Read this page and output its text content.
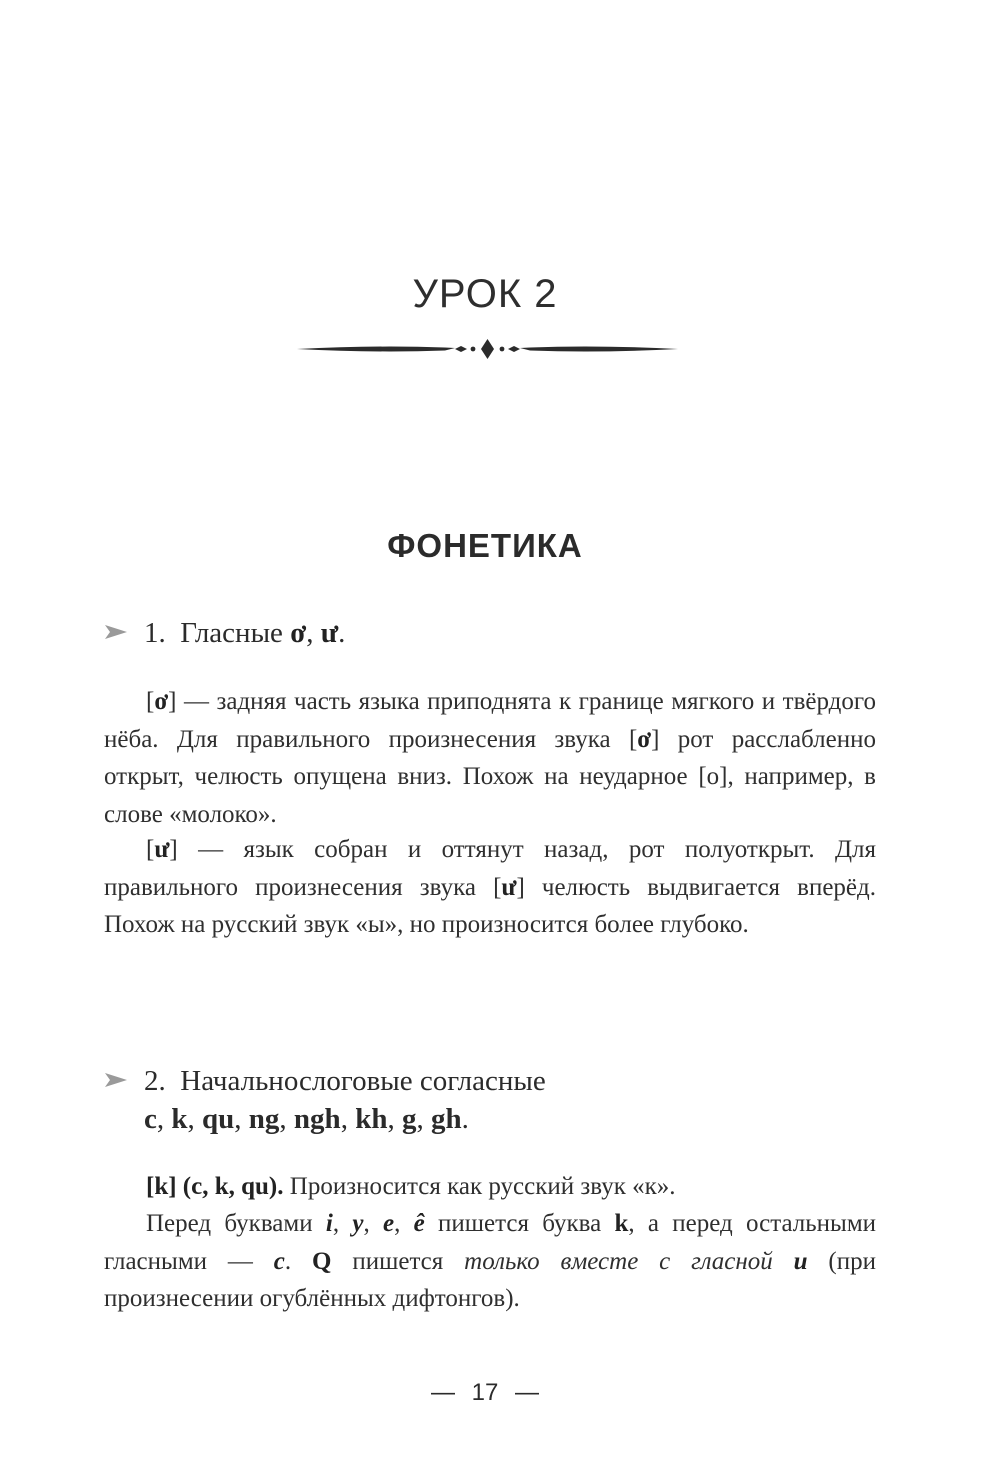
УРОК 2
ФОНЕТИКА
1. Гласные ơ, ư.

[ơ] — задняя часть языка приподнята к границе мягкого и твёрдого нёба. Для правильного произнесения звука [ơ] рот расслабленно открыт, челюсть опущена вниз. Похож на неударное [о], например, в слове «молоко».

[ư] — язык собран и оттянут назад, рот полуоткрыт. Для правильного произнесения звука [ư] челюсть выдвигается вперёд. Похож на русский звук «ы», но произносится более глубоко.

2. Начальнослоговые согласные
c, k, qu, ng, ngh, kh, g, gh.

[k] (c, k, qu). Произносится как русский звук «к».

Перед буквами i, y, e, ê пишется буква k, а перед остальными гласными — c. Q пишется только вместе с гласной u (при произнесении огублённых дифтонгов).

— 17 —
